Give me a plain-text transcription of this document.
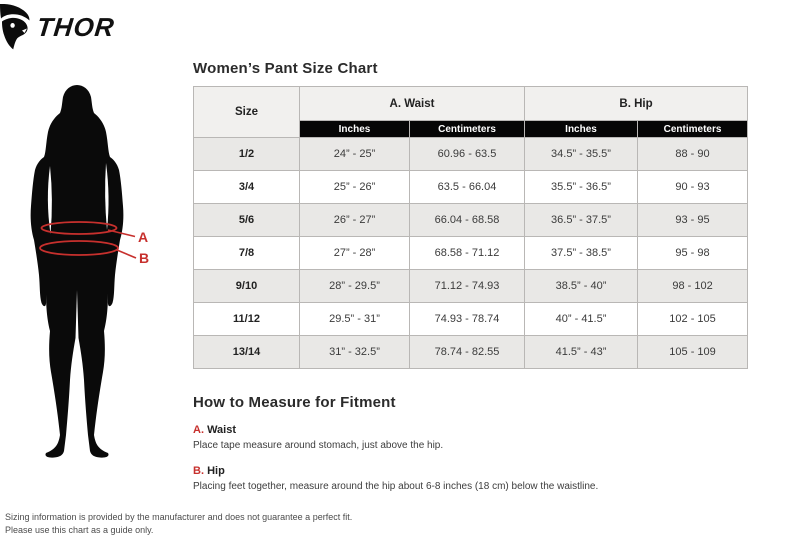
THOR
A
B
Women’s Pant Size Chart
Size	A. Waist		B. Hip	
	Inches	Centimeters	Inches	Centimeters
1/2	24” - 25”	60.96 - 63.5	34.5” - 35.5”	88 - 90
3/4	25” - 26”	63.5 - 66.04	35.5” - 36.5”	90 - 93
5/6	26” - 27”	66.04 - 68.58	36.5” - 37.5”	93 - 95
7/8	27” - 28”	68.58 - 71.12	37.5” - 38.5”	95 - 98
9/10	28” - 29.5”	71.12 - 74.93	38.5” - 40”	98 - 102
11/12	29.5” - 31”	74.93 - 78.74	40” - 41.5”	102 - 105
13/14	31” - 32.5”	78.74 - 82.55	41.5” - 43”	105 - 109
How to Measure for Fitment
A. Waist

Place tape measure around stomach, just above the hip.

B. Hip

Placing feet together, measure around the hip about 6-8 inches (18 cm) below the waistline.

Sizing information is provided by the manufacturer and does not guarantee a perfect fit.
Please use this chart as a guide only.
